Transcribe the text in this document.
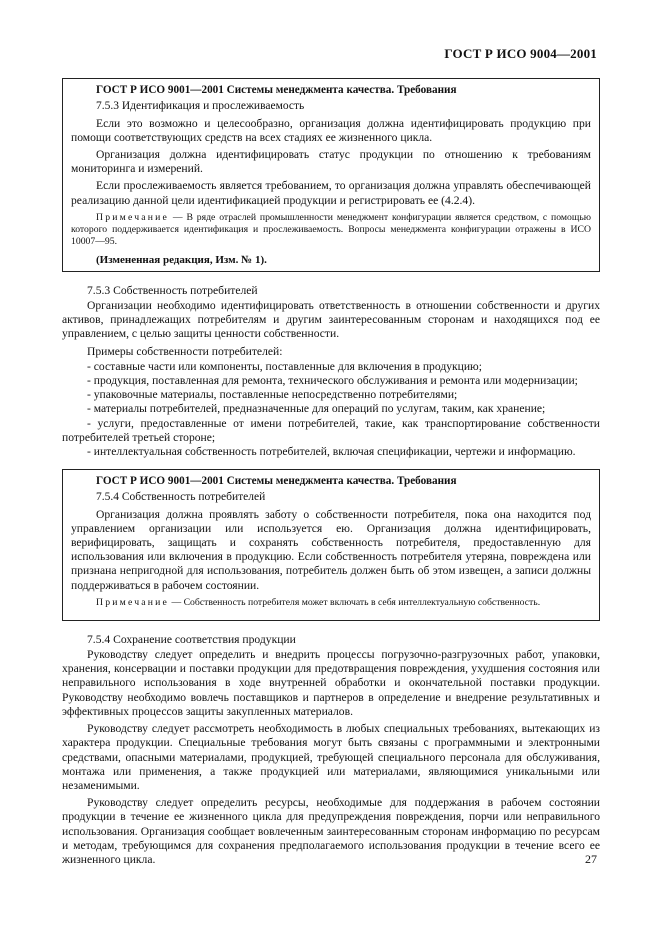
ГОСТ Р ИСО 9004—2001
ГОСТ Р ИСО 9001—2001 Системы менеджмента качества. Требования
7.5.3 Идентификация и прослеживаемость

Если это возможно и целесообразно, организация должна идентифицировать продукцию при помощи соответствующих средств на всех стадиях ее жизненного цикла.

Организация должна идентифицировать статус продукции по отношению к требованиям мониторинга и измерений.

Если прослеживаемость является требованием, то организация должна управлять обеспечивающей реализацию данной цели идентификацией продукции и регистрировать ее (4.2.4).

Примечание — В ряде отраслей промышленности менеджмент конфигурации является средством, с помощью которого поддерживается идентификация и прослеживаемость. Вопросы менеджмента конфигурации отражены в ИСО 10007—95.
(Измененная редакция, Изм. № 1).
7.5.3 Собственность потребителей

Организации необходимо идентифицировать ответственность в отношении собственности и других активов, принадлежащих потребителям и другим заинтересованным сторонам и находящихся под ее управлением, с целью защиты ценности собственности.

Примеры собственности потребителей:
- составные части или компоненты, поставленные для включения в продукцию;
- продукция, поставленная для ремонта, технического обслуживания и ремонта или модернизации;
- упаковочные материалы, поставленные непосредственно потребителями;
- материалы потребителей, предназначенные для операций по услугам, таким, как хранение;
- услуги, предоставленные от имени потребителей, такие, как транспортирование собственности потребителей третьей стороне;
- интеллектуальная собственность потребителей, включая спецификации, чертежи и информацию.
ГОСТ Р ИСО 9001—2001 Системы менеджмента качества. Требования
7.5.4 Собственность потребителей

Организация должна проявлять заботу о собственности потребителя, пока она находится под управлением организации или используется ею. Организация должна идентифицировать, верифицировать, защищать и сохранять собственность потребителя, предоставленную для использования или включения в продукцию. Если собственность потребителя утеряна, повреждена или признана непригодной для использования, потребитель должен быть об этом извещен, а записи должны поддерживаться в рабочем состоянии.

Примечание — Собственность потребителя может включать в себя интеллектуальную собственность.
7.5.4 Сохранение соответствия продукции

Руководству следует определить и внедрить процессы погрузочно-разгрузочных работ, упаковки, хранения, консервации и поставки продукции для предотвращения повреждения, ухудшения состояния или неправильного использования в ходе внутренней обработки и окончательной поставки продукции. Руководству необходимо вовлечь поставщиков и партнеров в определение и внедрение результативных и эффективных процессов защиты закупленных материалов.

Руководству следует рассмотреть необходимость в любых специальных требованиях, вытекающих из характера продукции. Специальные требования могут быть связаны с программными и электронными средствами, опасными материалами, продукцией, требующей специального персонала для обслуживания, монтажа или применения, а также продукцией или материалами, являющимися уникальными или незаменимыми.

Руководству следует определить ресурсы, необходимые для поддержания в рабочем состоянии продукции в течение ее жизненного цикла для предупреждения повреждения, порчи или неправильного использования. Организация сообщает вовлеченным заинтересованным сторонам информацию по ресурсам и методам, требующимся для сохранения предполагаемого использования продукции в течение всего ее жизненного цикла.	27
